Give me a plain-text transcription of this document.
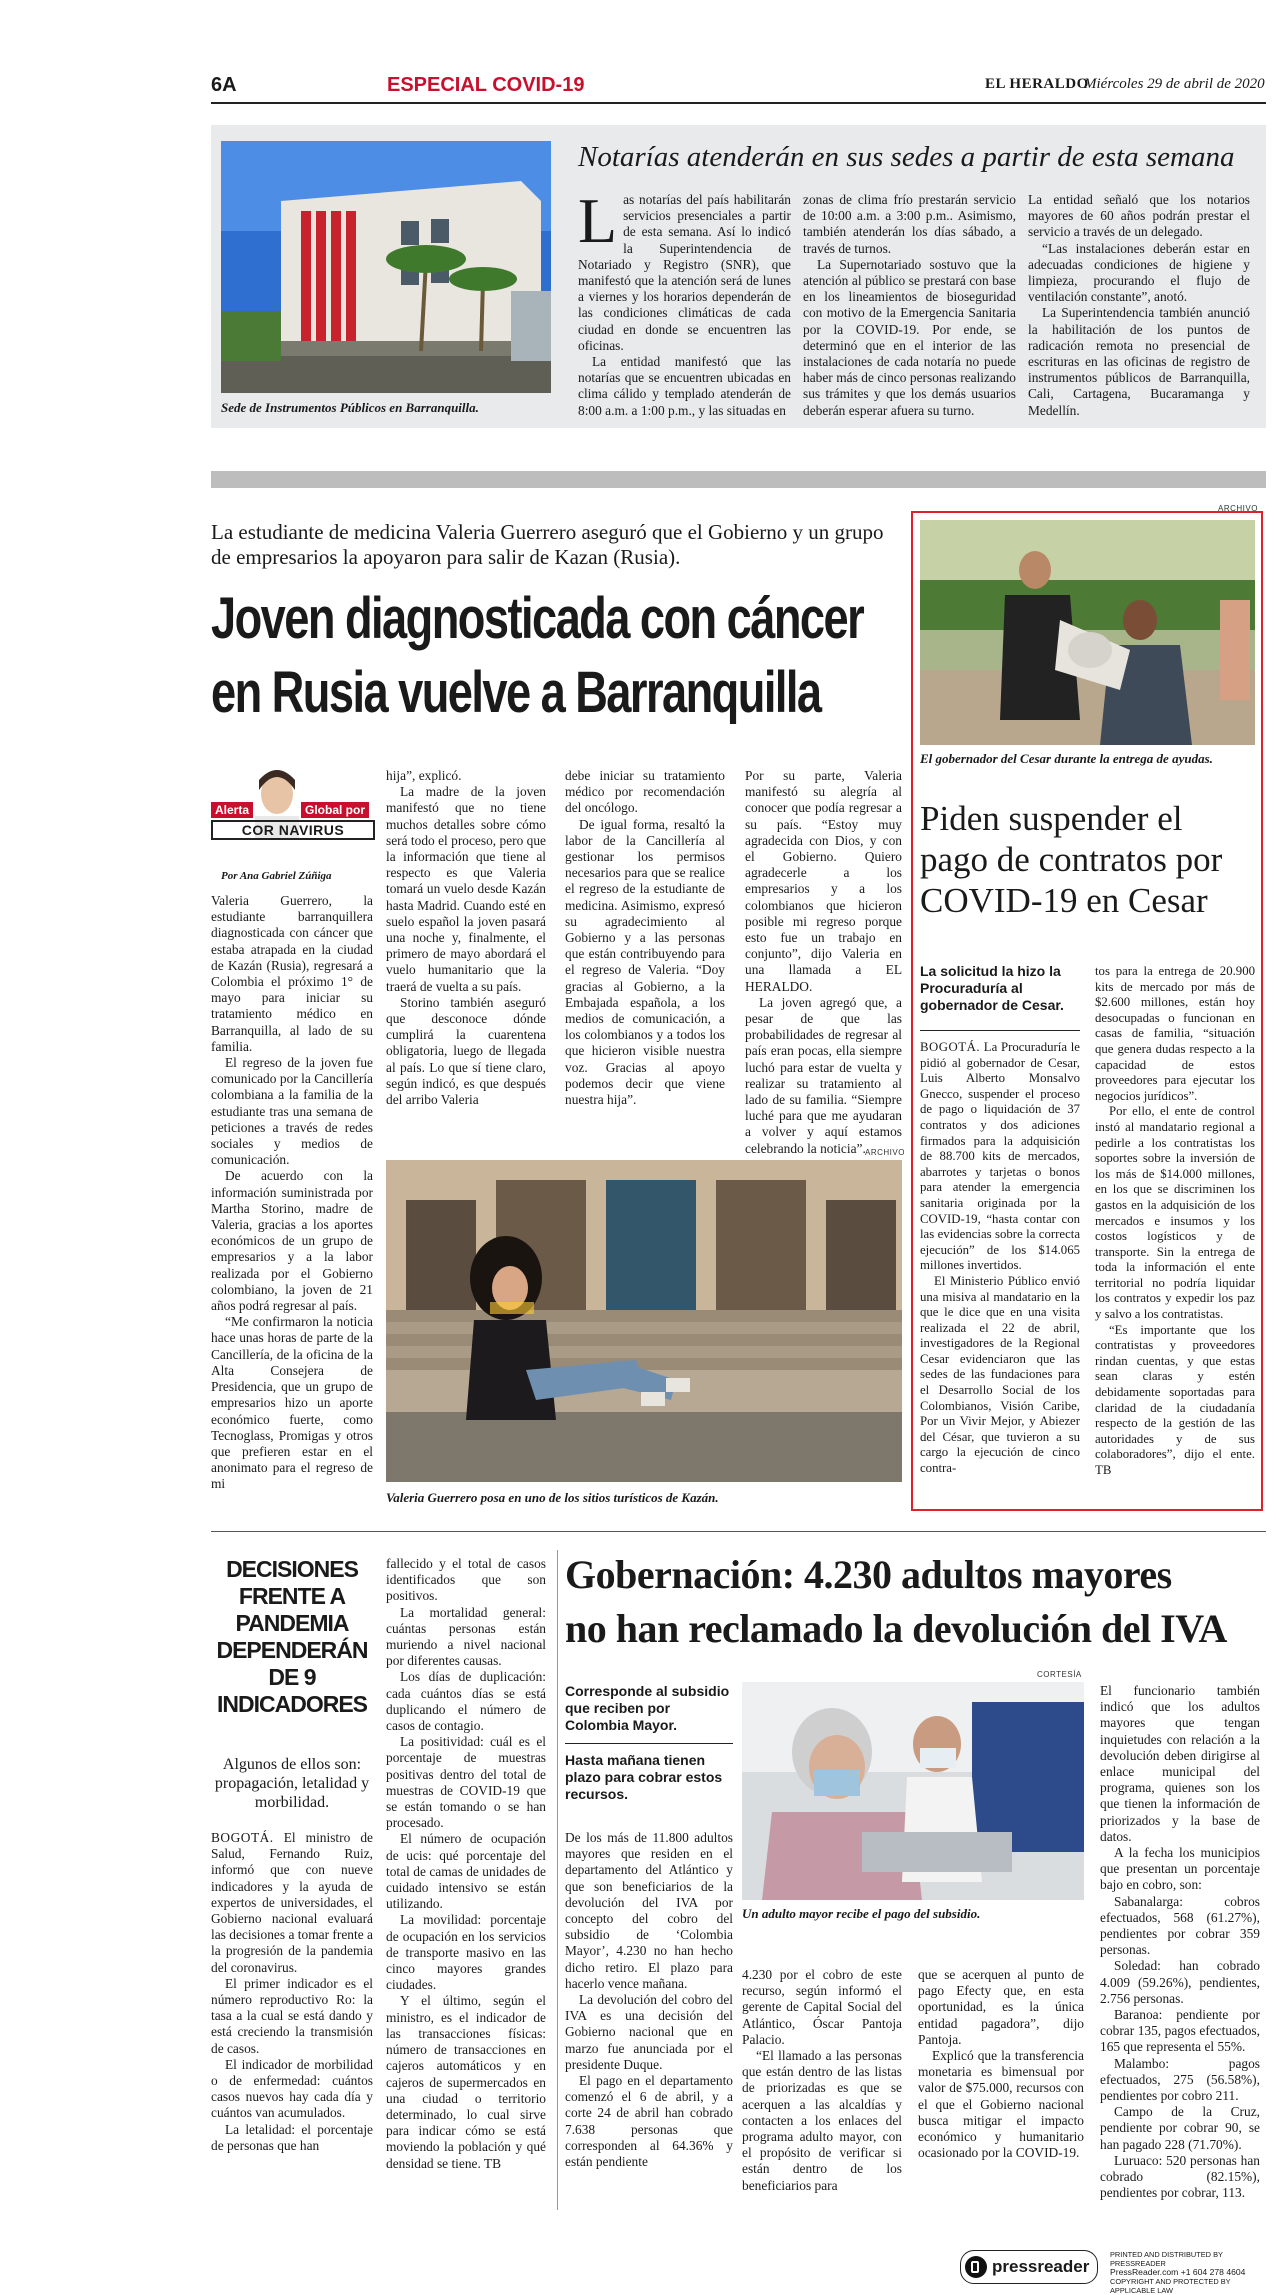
6A	ESPECIAL COVID-19	EL HERALDO
Miércoles 29 de abril de 2020
Sede de Instrumentos Públicos en Barranquilla.
Notarías atenderán en sus sedes a partir de esta semana

Las notarías del país habilitarán servicios presenciales a partir de esta semana. Así lo indicó la Superintendencia de Notariado y Registro (SNR), que manifestó que la atención será de lunes a viernes y los horarios dependerán de las condiciones climáticas de cada ciudad en donde se encuentren las oficinas.

La entidad manifestó que las notarías que se encuentren ubicadas en clima cálido y templado atenderán de 8:00 a.m. a 1:00 p.m., y las situadas en

zonas de clima frío prestarán servicio de 10:00 a.m. a 3:00 p.m.. Asimismo, también atenderán los días sábado, a través de turnos.

La Supernotariado sostuvo que la atención al público se prestará con base en los lineamientos de bioseguridad con motivo de la Emergencia Sanitaria por la COVID-19. Por ende, se determinó que en el interior de las instalaciones de cada notaría no puede haber más de cinco personas realizando sus trámites y que los demás usuarios deberán esperar afuera su turno.

La entidad señaló que los notarios mayores de 60 años podrán prestar el servicio a través de un delegado.

“Las instalaciones deberán estar en adecuadas condiciones de higiene y limpieza, procurando el flujo de ventilación constante”, anotó.

La Superintendencia también anunció la habilitación de los puntos de radicación remota no presencial de escrituras en las oficinas de registro de instrumentos públicos de Barranquilla, Cali, Cartagena, Bucaramanga y Medellín.

La estudiante de medicina Valeria Guerrero aseguró que el Gobierno y un grupo de empresarios la apoyaron para salir de Kazan (Rusia).
Joven diagnosticada con cáncer
en Rusia vuelve a Barranquilla
Alerta	Global por
COR NAVIRUS
Por Ana Gabriel Zúñiga

Valeria Guerrero, la estudiante barranquillera diagnosticada con cáncer que estaba atrapada en la ciudad de Kazán (Rusia), regresará a Colombia el próximo 1° de mayo para iniciar su tratamiento médico en Barranquilla, al lado de su familia.

El regreso de la joven fue comunicado por la Cancillería colombiana a la familia de la estudiante tras una semana de peticiones a través de redes sociales y medios de comunicación.

De acuerdo con la información suministrada por Martha Storino, madre de Valeria, gracias a los aportes económicos de un grupo de empresarios y a la labor realizada por el Gobierno colombiano, la joven de 21 años podrá regresar al país.

“Me confirmaron la noticia hace unas horas de parte de la Cancillería, de la oficina de la Alta Consejera de Presidencia, que un grupo de empresarios hizo un aporte económico fuerte, como Tecnoglass, Promigas y otros que prefieren estar en el anonimato para el regreso de mi

hija”, explicó.

La madre de la joven manifestó que no tiene muchos detalles sobre cómo será todo el proceso, pero que la información que tiene al respecto es que Valeria tomará un vuelo desde Kazán hasta Madrid. Cuando esté en suelo español la joven pasará una noche y, finalmente, el primero de mayo abordará el vuelo humanitario que la traerá de vuelta a su país.

Storino también aseguró que desconoce dónde cumplirá la cuarentena obligatoria, luego de llegada al país. Lo que sí tiene claro, según indicó, es que después del arribo Valeria

debe iniciar su tratamiento médico por recomendación del oncólogo.

De igual forma, resaltó la labor de la Cancillería al gestionar los permisos necesarios para que se realice el regreso de la estudiante de medicina. Asimismo, expresó su agradecimiento al Gobierno y a las personas que están contribuyendo para el regreso de Valeria. “Doy gracias al Gobierno, a la Embajada española, a los medios de comunicación, a los colombianos y a todos los que hicieron visible nuestra voz. Gracias al apoyo podemos decir que viene nuestra hija”.

Por su parte, Valeria manifestó su alegría al conocer que podía regresar a su país. “Estoy muy agradecida con Dios, y con el Gobierno. Quiero agradecerle a los empresarios y a los colombianos que hicieron posible mi regreso porque esto fue un trabajo en conjunto”, dijo Valeria en una llamada a EL HERALDO.

La joven agregó que, a pesar de que las probabilidades de regresar al país eran pocas, ella siempre luchó para estar de vuelta y realizar su tratamiento al lado de su familia. “Siempre luché para que me ayudaran a volver y aquí estamos celebrando la noticia”. ARCHIVO
Valeria Guerrero posa en uno de los sitios turísticos de Kazán.
ARCHIVO
El gobernador del Cesar durante la entrega de ayudas.
Piden suspender el pago de contratos por COVID-19 en Cesar
La solicitud la hizo la Procuraduría al gobernador de Cesar.

BOGOTÁ. La Procuraduría le pidió al gobernador de Cesar, Luis Alberto Monsalvo Gnecco, suspender el proceso de pago o liquidación de 37 contratos y dos adiciones firmados para la adquisición de 88.700 kits de mercados, abarrotes y tarjetas o bonos para atender la emergencia sanitaria originada por la COVID-19, “hasta contar con las evidencias sobre la correcta ejecución” de los $14.065 millones invertidos.

El Ministerio Público envió una misiva al mandatario en la que le dice que en una visita realizada el 22 de abril, investigadores de la Regional Cesar evidenciaron que las sedes de las fundaciones para el Desarrollo Social de los Colombianos, Visión Caribe, Por un Vivir Mejor, y Abiezer del César, que tuvieron a su cargo la ejecución de cinco contra-

tos para la entrega de 20.900 kits de mercado por más de $2.600 millones, están hoy desocupadas o funcionan en casas de familia, “situación que genera dudas respecto a la capacidad de estos proveedores para ejecutar los negocios jurídicos”.

Por ello, el ente de control instó al mandatario regional a pedirle a los contratistas los soportes sobre la inversión de los más de $14.000 millones, en los que se discriminen los gastos en la adquisición de los mercados e insumos y los costos logísticos y de transporte. Sin la entrega de toda la información el ente territorial no podría liquidar los contratos y expedir los paz y salvo a los contratistas.

“Es importante que los contratistas y proveedores rindan cuentas, y que estas sean claras y estén debidamente soportadas para claridad de la ciudadanía respecto de la gestión de las autoridades y de sus colaboradores”, dijo el ente. TB

DECISIONES FRENTE A PANDEMIA DEPENDERÁN DE 9 INDICADORES
Algunos de ellos son: propagación, letalidad y morbilidad.

BOGOTÁ. El ministro de Salud, Fernando Ruiz, informó que con nueve indicadores y la ayuda de expertos de universidades, el Gobierno nacional evaluará las decisiones a tomar frente a la progresión de la pandemia del coronavirus.

El primer indicador es el número reproductivo Ro: la tasa a la cual se está dando y está creciendo la transmisión de casos.

El indicador de morbilidad o de enfermedad: cuántos casos nuevos hay cada día y cuántos van acumulados.

La letalidad: el porcentaje de personas que han

fallecido y el total de casos identificados que son positivos.

La mortalidad general: cuántas personas están muriendo a nivel nacional por diferentes causas.

Los días de duplicación: cada cuántos días se está duplicando el número de casos de contagio.

La positividad: cuál es el porcentaje de muestras positivas dentro del total de muestras de COVID-19 que se están tomando o se han procesado.

El número de ocupación de ucis: qué porcentaje del total de camas de unidades de cuidado intensivo se están utilizando.

La movilidad: porcentaje de ocupación en los servicios de transporte masivo en las cinco mayores grandes ciudades.

Y el último, según el ministro, es el indicador de las transacciones físicas: número de transacciones en cajeros automáticos y en cajeros de supermercados en una ciudad o territorio determinado, lo cual sirve para indicar cómo se está moviendo la población y qué densidad se tiene. TB

Gobernación: 4.230 adultos mayores
no han reclamado la devolución del IVA
Corresponde al subsidio que reciben por Colombia Mayor.
Hasta mañana tienen plazo para cobrar estos recursos.

De los más de 11.800 adultos mayores que residen en el departamento del Atlántico y que son beneficiarios de la devolución del IVA por concepto del cobro del subsidio de ‘Colombia Mayor’, 4.230 no han hecho dicho retiro. El plazo para hacerlo vence mañana.

La devolución del cobro del IVA es una decisión del Gobierno nacional que en marzo fue anunciada por el presidente Duque.

El pago en el departamento comenzó el 6 de abril, y a corte 24 de abril han cobrado 7.638 personas que corresponden al 64.36% y están pendiente

CORTESÍA
Un adulto mayor recibe el pago del subsidio.

4.230 por el cobro de este recurso, según informó el gerente de Capital Social del Atlántico, Óscar Pantoja Palacio.

“El llamado a las personas que están dentro de las listas de priorizadas es que se acerquen a las alcaldías y contacten a los enlaces del programa adulto mayor, con el propósito de verificar si están dentro de los beneficiarios para

que se acerquen al punto de pago Efecty que, en esta oportunidad, es la única entidad pagadora”, dijo Pantoja.

Explicó que la transferencia monetaria es bimensual por valor de $75.000, recursos con el que el Gobierno nacional busca mitigar el impacto económico y humanitario ocasionado por la COVID-19.

El funcionario también indicó que los adultos mayores que tengan inquietudes con relación a la devolución deben dirigirse al enlace municipal del programa, quienes son los que tienen la información de priorizados y la base de datos.

A la fecha los municipios que presentan un porcentaje bajo en cobro, son:

Sabanalarga: cobros efectuados, 568 (61.27%), pendientes por cobrar 359 personas.

Soledad: han cobrado 4.009 (59.26%), pendientes, 2.756 personas.

Baranoa: pendiente por cobrar 135, pagos efectuados, 165 que representa el 55%.

Malambo: pagos efectuados, 275 (56.58%), pendientes por cobro 211.

Campo de la Cruz, pendiente por cobrar 90, se han pagado 228 (71.70%).

Luruaco: 520 personas han cobrado (82.15%), pendientes por cobrar, 113.

pressreader
PRINTED AND DISTRIBUTED BY PRESSREADER
PressReader.com +1 604 278 4604
COPYRIGHT AND PROTECTED BY APPLICABLE LAW
